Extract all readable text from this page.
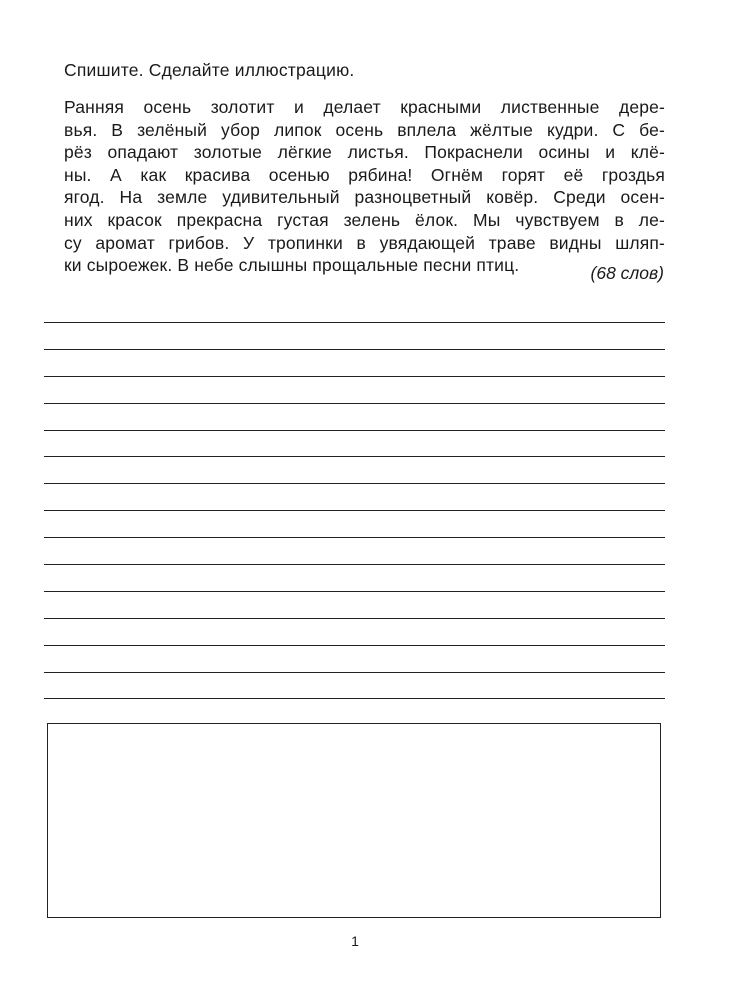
Спишите. Сделайте иллюстрацию.

Ранняя осень золотит и делает красными лиственные дере-
вья. В зелёный убор липок осень вплела жёлтые кудри. С бе-
рёз опадают золотые лёгкие листья. Покраснели осины и клё-
ны. А как красива осенью рябина! Огнём горят её гроздья
ягод. На земле удивительный разноцветный ковёр. Среди осен-
них красок прекрасна густая зелень ёлок. Мы чувствуем в ле-
су аромат грибов. У тропинки в увядающей траве видны шляп-
ки сыроежек. В небе слышны прощальные песни птиц.	(68 слов)

1
